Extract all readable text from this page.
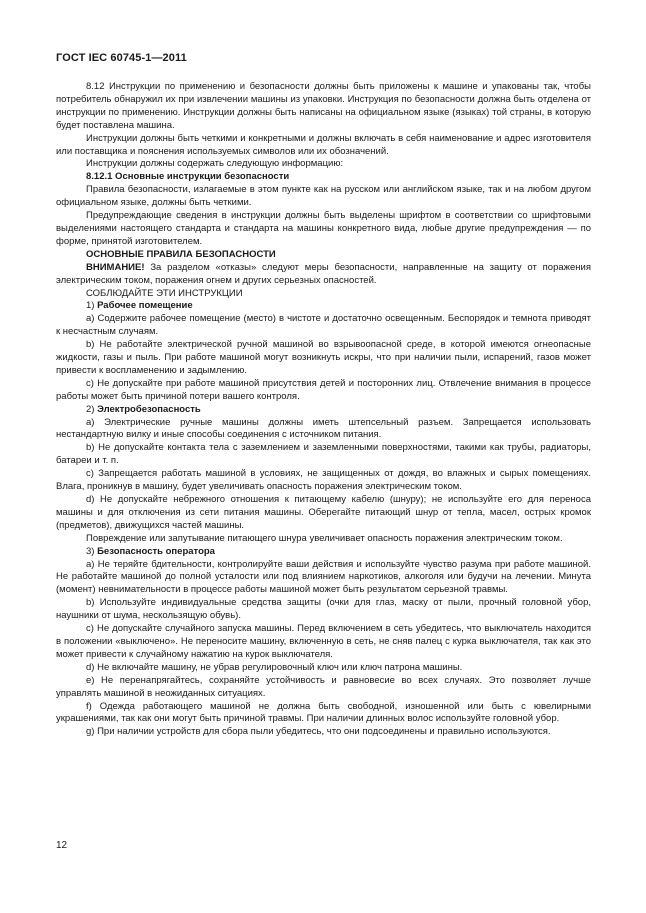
ГОСТ IEC 60745-1—2011

8.12 Инструкции по применению и безопасности должны быть приложены к машине и упакованы так, чтобы потребитель обнаружил их при извлечении машины из упаковки. Инструкция по безопасности должна быть отделена от инструкции по применению. Инструкции должны быть написаны на официальном языке (языках) той страны, в которую будет поставлена машина.

Инструкции должны быть четкими и конкретными и должны включать в себя наименование и адрес изготовителя или поставщика и пояснения используемых символов или их обозначений.

Инструкции должны содержать следующую информацию:

8.12.1 Основные инструкции безопасности

Правила безопасности, излагаемые в этом пункте как на русском или английском языке, так и на любом другом официальном языке, должны быть четкими.

Предупреждающие сведения в инструкции должны быть выделены шрифтом в соответствии со шрифтовыми выделениями настоящего стандарта и стандарта на машины конкретного вида, любые другие предупреждения — по форме, принятой изготовителем.

ОСНОВНЫЕ ПРАВИЛА БЕЗОПАСНОСТИ

ВНИМАНИЕ! За разделом «отказы» следуют меры безопасности, направленные на защиту от поражения электрическим током, поражения огнем и других серьезных опасностей.

СОБЛЮДАЙТЕ ЭТИ ИНСТРУКЦИИ

1) Рабочее помещение

a) Содержите рабочее помещение (место) в чистоте и достаточно освещенным. Беспорядок и темнота приводят к несчастным случаям.

b) Не работайте электрической ручной машиной во взрывоопасной среде, в которой имеются огнеопасные жидкости, газы и пыль. При работе машиной могут возникнуть искры, что при наличии пыли, испарений, газов может привести к воспламенению и задымлению.

c) Не допускайте при работе машиной присутствия детей и посторонних лиц. Отвлечение внимания в процессе работы может быть причиной потери вашего контроля.

2) Электробезопасность

a) Электрические ручные машины должны иметь штепсельный разъем. Запрещается использовать нестандартную вилку и иные способы соединения с источником питания.

b) Не допускайте контакта тела с заземлением и заземленными поверхностями, такими как трубы, радиаторы, батареи и т. п.

c) Запрещается работать машиной в условиях, не защищенных от дождя, во влажных и сырых помещениях. Влага, проникнув в машину, будет увеличивать опасность поражения электрическим током.

d) Не допускайте небрежного отношения к питающему кабелю (шнуру); не используйте его для переноса машины и для отключения из сети питания машины. Оберегайте питающий шнур от тепла, масел, острых кромок (предметов), движущихся частей машины.

Повреждение или запутывание питающего шнура увеличивает опасность поражения электрическим током.

3) Безопасность оператора

a) Не теряйте бдительности, контролируйте ваши действия и используйте чувство разума при работе машиной. Не работайте машиной до полной усталости или под влиянием наркотиков, алкоголя или будучи на лечении. Минута (момент) невнимательности в процессе работы машиной может быть результатом серьезной травмы.

b) Используйте индивидуальные средства защиты (очки для глаз, маску от пыли, прочный головной убор, наушники от шума, нескользящую обувь).

c) Не допускайте случайного запуска машины. Перед включением в сеть убедитесь, что выключатель находится в положении «выключено». Не переносите машину, включенную в сеть, не сняв палец с курка выключателя, так как это может привести к случайному нажатию на курок выключателя.

d) Не включайте машину, не убрав регулировочный ключ или ключ патрона машины.

e) Не перенапрягайтесь, сохраняйте устойчивость и равновесие во всех случаях. Это позволяет лучше управлять машиной в неожиданных ситуациях.

f) Одежда работающего машиной не должна быть свободной, изношенной или быть с ювелирными украшениями, так как они могут быть причиной травмы. При наличии длинных волос используйте головной убор.

g) При наличии устройств для сбора пыли убедитесь, что они подсоединены и правильно используются.

12
